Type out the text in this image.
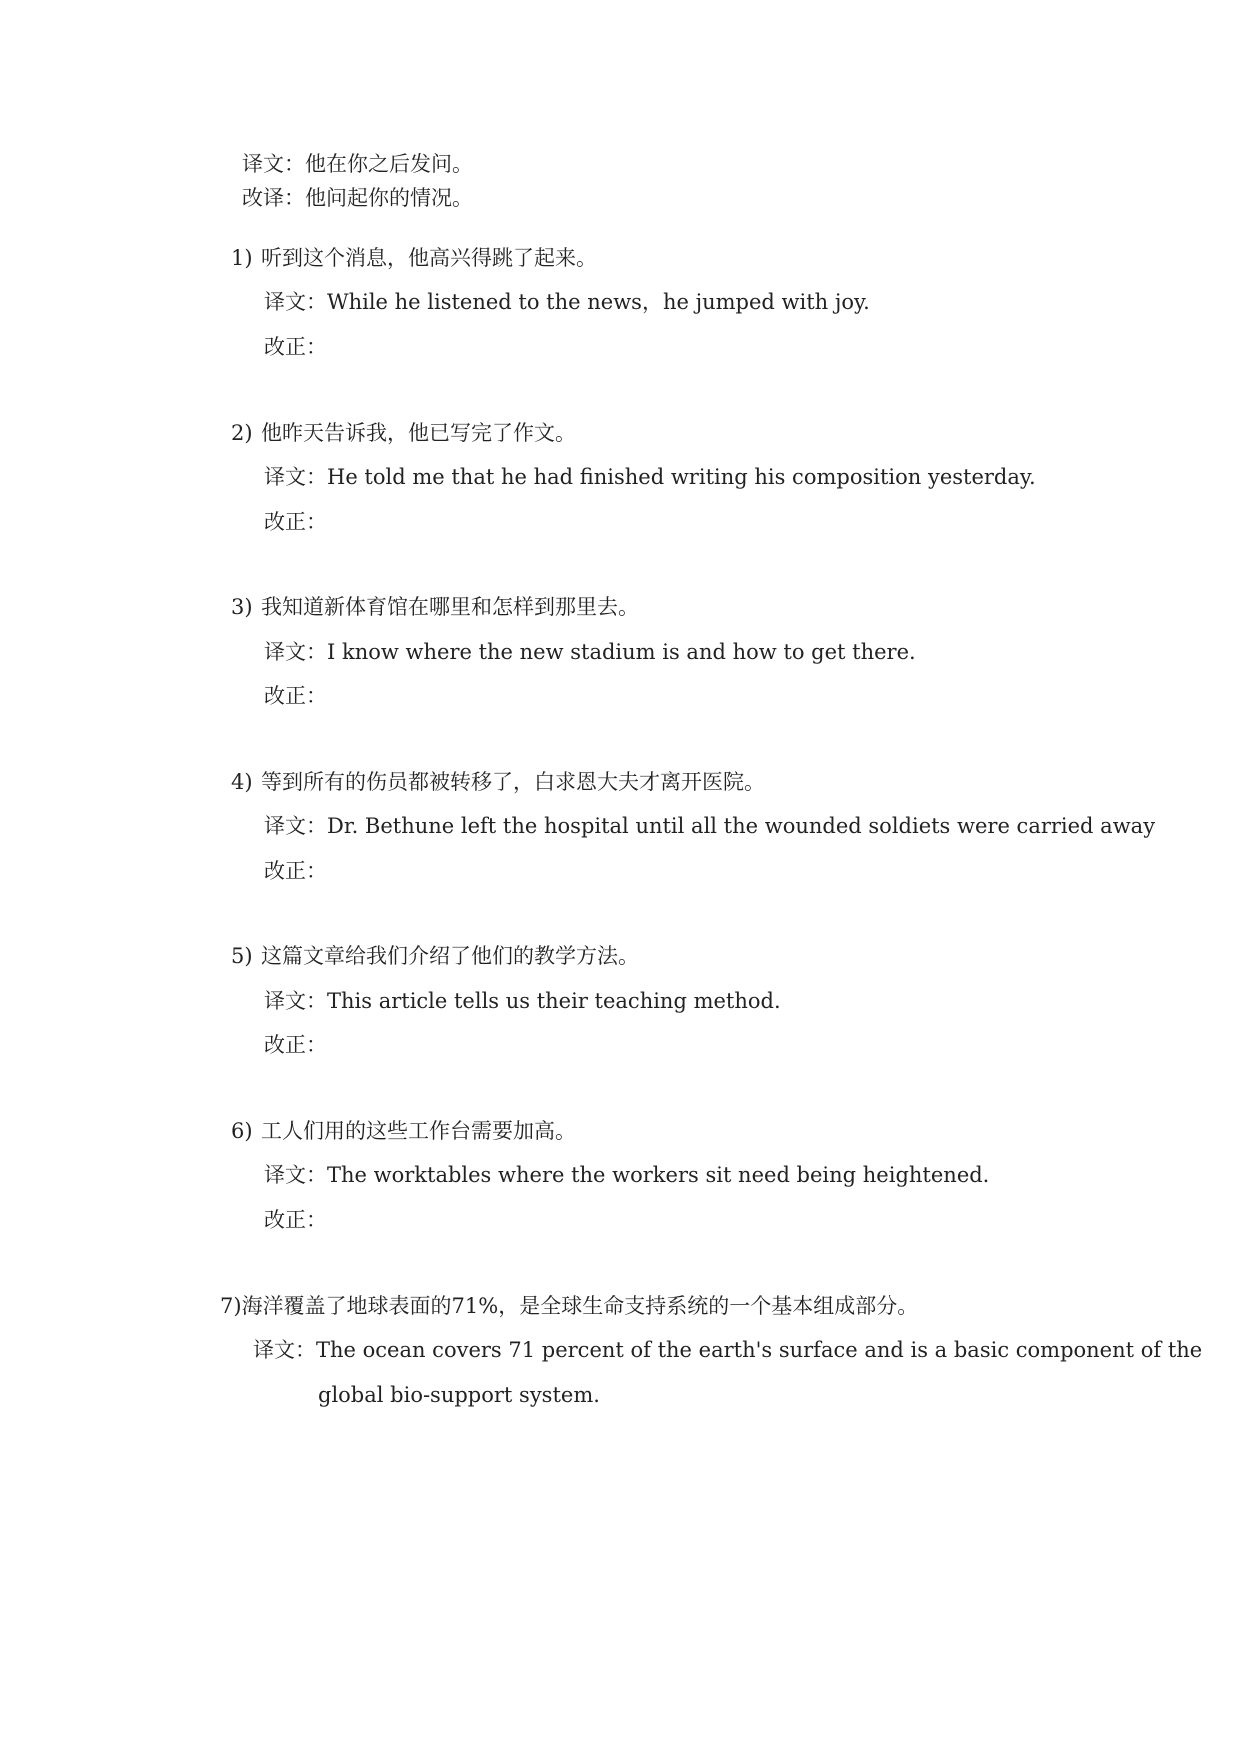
译文：他在你之后发问。
改译：他问起你的情况。
1) 听到这个消息，他高兴得跳了起来。
译文：While he listened to the news，he jumped with joy.
改正：
2) 他昨天告诉我，他已写完了作文。
译文：He told me that he had finished writing his composition yesterday.
改正：
3) 我知道新体育馆在哪里和怎样到那里去。
译文：I know where the new stadium is and how to get there.
改正：
4) 等到所有的伤员都被转移了，白求恩大夫才离开医院。
译文：Dr. Bethune left the hospital until all the wounded soldiets were carried away
改正：
5) 这篇文章给我们介绍了他们的教学方法。
译文：This article tells us their teaching method.
改正：
6) 工人们用的这些工作台需要加高。
译文：The worktables where the workers sit need being heightened.
改正：
7)海洋覆盖了地球表面的71%，是全球生命支持系统的一个基本组成部分。
译文：The ocean covers 71 percent of the earth's surface and is a basic component of the
global bio-support system.
